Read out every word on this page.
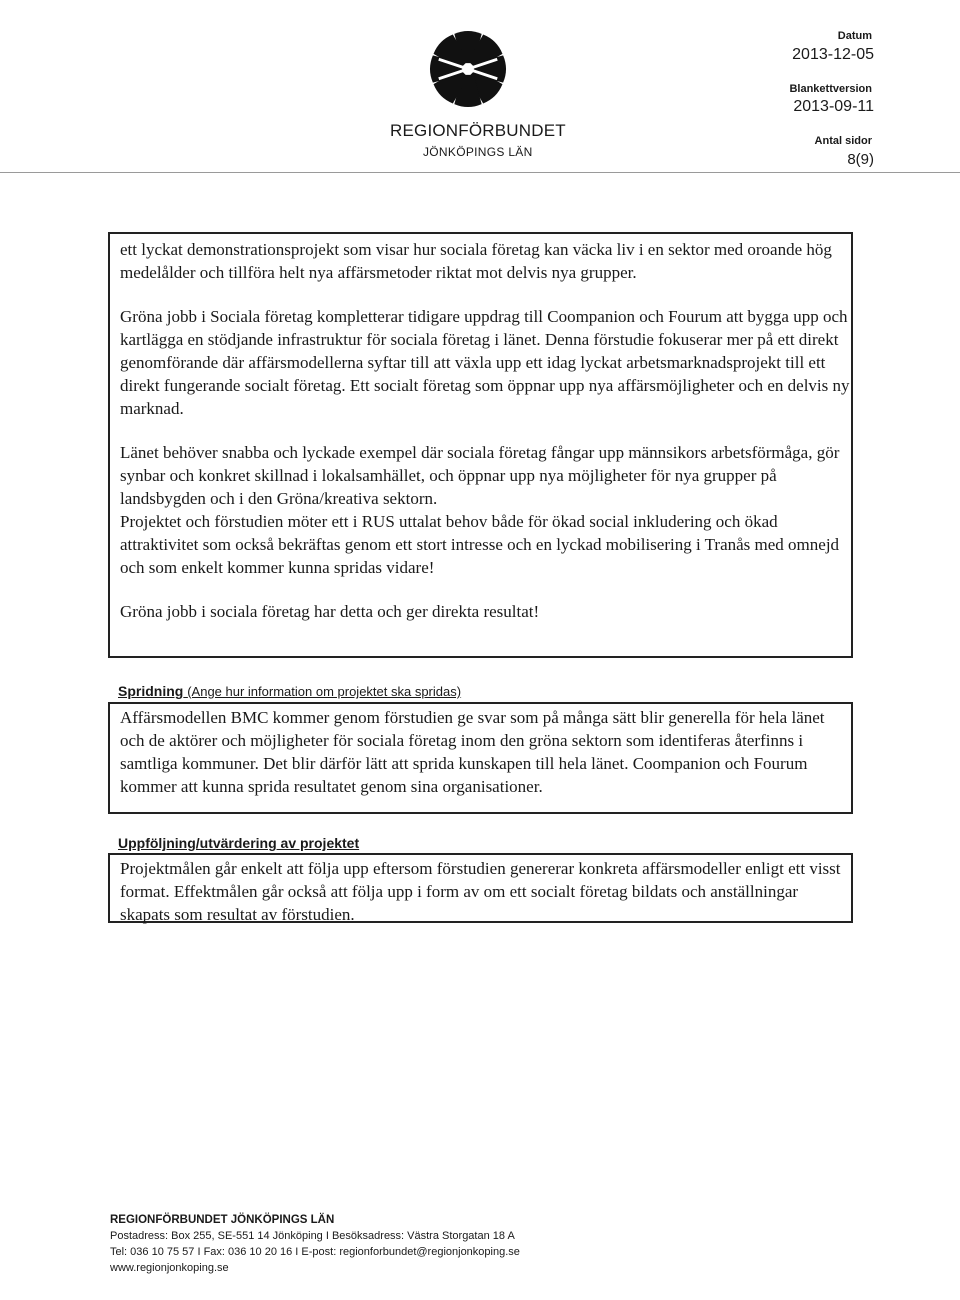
REGIONFÖRBUNDET
JÖNKÖPINGS LÄN
Datum
2013-12-05
Blankettversion
2013-09-11
Antal sidor
8(9)

ett lyckat demonstrationsprojekt som visar hur sociala företag kan väcka liv i en sektor med oroande hög medelålder och tillföra helt nya affärsmetoder riktat mot delvis nya grupper.

Gröna jobb i Sociala företag kompletterar tidigare uppdrag till Coompanion och Fourum att bygga upp och kartlägga en stödjande infrastruktur för sociala företag i länet. Denna förstudie fokuserar mer på ett direkt genomförande där affärsmodellerna syftar till att växla upp ett idag lyckat arbetsmarknadsprojekt till ett direkt fungerande socialt företag. Ett socialt företag som öppnar upp nya affärsmöjligheter och en delvis ny marknad.

Länet behöver snabba och lyckade exempel där sociala företag fångar upp männsikors arbetsförmåga, gör synbar och konkret skillnad i lokalsamhället, och öppnar upp nya möjligheter för nya grupper på landsbygden och i den Gröna/kreativa sektorn.

Projektet och förstudien möter ett i RUS uttalat behov både för ökad social inkludering och ökad attraktivitet som också bekräftas genom ett stort intresse och en lyckad mobilisering i Tranås med omnejd och som enkelt kommer kunna spridas vidare!

Gröna jobb i sociala företag har detta och ger direkta resultat!

Spridning (Ange hur information om projektet ska spridas)

Affärsmodellen BMC kommer genom förstudien ge svar som på många sätt blir generella för hela länet och de aktörer och möjligheter för sociala företag inom den gröna sektorn som identiferas återfinns i samtliga kommuner. Det blir därför lätt att sprida kunskapen till hela länet. Coompanion och Fourum kommer att kunna sprida resultatet genom sina organisationer.

Uppföljning/utvärdering av projektet

Projektmålen går enkelt att följa upp eftersom förstudien genererar konkreta affärsmodeller enligt ett visst format. Effektmålen går också att följa upp i form av om ett socialt företag bildats och anställningar skapats som resultat av förstudien.

REGIONFÖRBUNDET JÖNKÖPINGS LÄN
Postadress: Box 255, SE-551 14 Jönköping I Besöksadress: Västra Storgatan 18 A
Tel: 036 10 75 57 I Fax: 036 10 20 16 I E-post: regionforbundet@regionjonkoping.se
www.regionjonkoping.se
